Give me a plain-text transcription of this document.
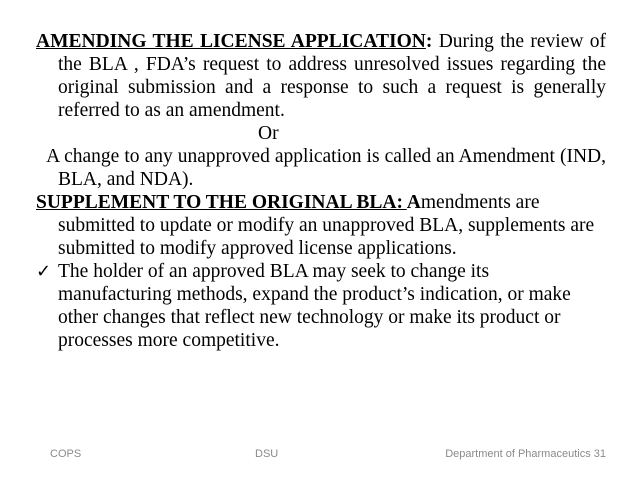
AMENDING THE LICENSE APPLICATION: During the review of the BLA , FDA’s request to address unresolved issues regarding the original submission and a response to such a request is generally referred to as an amendment.

Or

A change to any unapproved application is called an Amendment (IND, BLA, and NDA).

SUPPLEMENT TO THE ORIGINAL BLA: Amendments are submitted to update or modify an unapproved BLA, supplements are submitted to modify approved license applications.

✓ The holder of an approved BLA may seek to change its manufacturing methods, expand the product’s indication, or make other changes that reflect new technology or make its product or processes more competitive.

COPS	DSU	Department of Pharmaceutics 31
